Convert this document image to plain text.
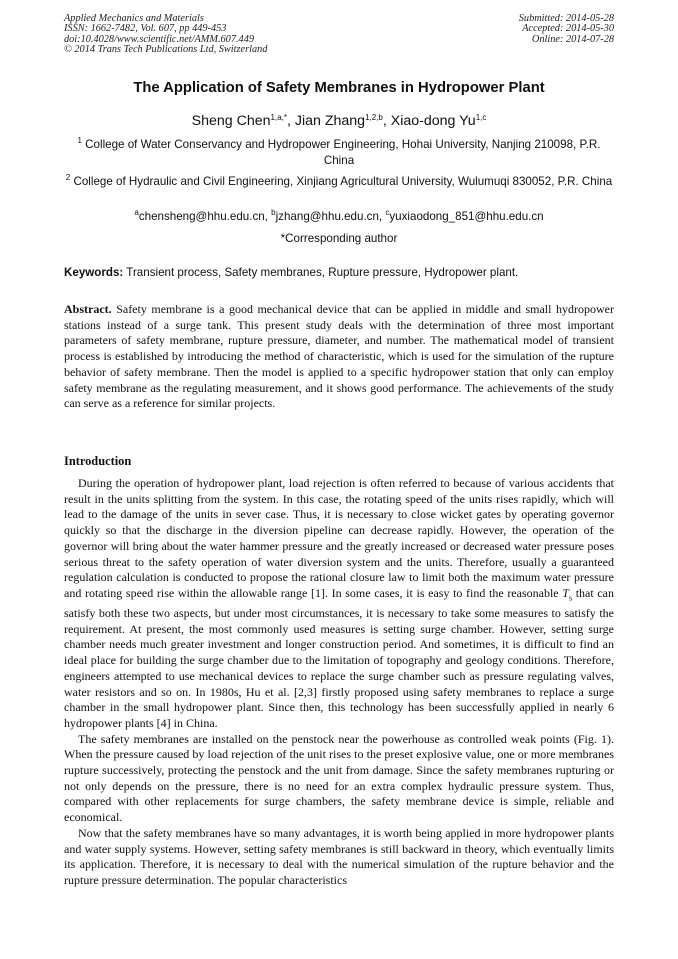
Applied Mechanics and Materials
ISSN: 1662-7482, Vol. 607, pp 449-453
doi:10.4028/www.scientific.net/AMM.607.449
© 2014 Trans Tech Publications Ltd, Switzerland
Submitted: 2014-05-28
Accepted: 2014-05-30
Online: 2014-07-28
The Application of Safety Membranes in Hydropower Plant
Sheng Chen$^{1,a,*}$, Jian Zhang$^{1,2,b}$, Xiao-dong Yu$^{1,c}$
$^1$ College of Water Conservancy and Hydropower Engineering, Hohai University, Nanjing 210098, P.R. China
$^2$ College of Hydraulic and Civil Engineering, Xinjiang Agricultural University, Wulumuqi 830052, P.R. China
$^a$chensheng@hhu.edu.cn, $^b$jzhang@hhu.edu.cn, $^c$yuxiaodong_851@hhu.edu.cn
*Corresponding author
Keywords: Transient process, Safety membranes, Rupture pressure, Hydropower plant.
Abstract. Safety membrane is a good mechanical device that can be applied in middle and small hydropower stations instead of a surge tank. This present study deals with the determination of three most important parameters of safety membrane, rupture pressure, diameter, and number. The mathematical model of transient process is established by introducing the method of characteristic, which is used for the simulation of the rupture behavior of safety membrane. Then the model is applied to a specific hydropower station that only can employ safety membrane as the regulating measurement, and it shows good performance. The achievements of the study can serve as a reference for similar projects.
Introduction

During the operation of hydropower plant, load rejection is often referred to because of various accidents that result in the units splitting from the system. In this case, the rotating speed of the units rises rapidly, which will lead to the damage of the units in sever case. Thus, it is necessary to close wicket gates by operating governor quickly so that the discharge in the diversion pipeline can decrease rapidly. However, the operation of the governor will bring about the water hammer pressure and the greatly increased or decreased water pressure poses serious threat to the safety operation of water diversion system and the units. Therefore, usually a guaranteed regulation calculation is conducted to propose the rational closure law to limit both the maximum water pressure and rotating speed rise within the allowable range [1]. In some cases, it is easy to find the reasonable $T_s$ that can satisfy both these two aspects, but under most circumstances, it is necessary to take some measures to satisfy the requirement. At present, the most commonly used measures is setting surge chamber. However, setting surge chamber needs much greater investment and longer construction period. And sometimes, it is difficult to find an ideal place for building the surge chamber due to the limitation of topography and geology conditions. Therefore, engineers attempted to use mechanical devices to replace the surge chamber such as pressure regulating valves, water resistors and so on. In 1980s, Hu et al. [2,3] firstly proposed using safety membranes to replace a surge chamber in the small hydropower plant. Since then, this technology has been successfully applied in nearly 6 hydropower plants [4] in China.

The safety membranes are installed on the penstock near the powerhouse as controlled weak points (Fig. 1). When the pressure caused by load rejection of the unit rises to the preset explosive value, one or more membranes rupture successively, protecting the penstock and the unit from damage. Since the safety membranes rupturing or not only depends on the pressure, there is no need for an extra complex hydraulic pressure system. Thus, compared with other replacements for surge chambers, the safety membrane device is simple, reliable and economical.

Now that the safety membranes have so many advantages, it is worth being applied in more hydropower plants and water supply systems. However, setting safety membranes is still backward in theory, which eventually limits its application. Therefore, it is necessary to deal with the numerical simulation of the rupture behavior and the rupture pressure determination. The popular characteristics
